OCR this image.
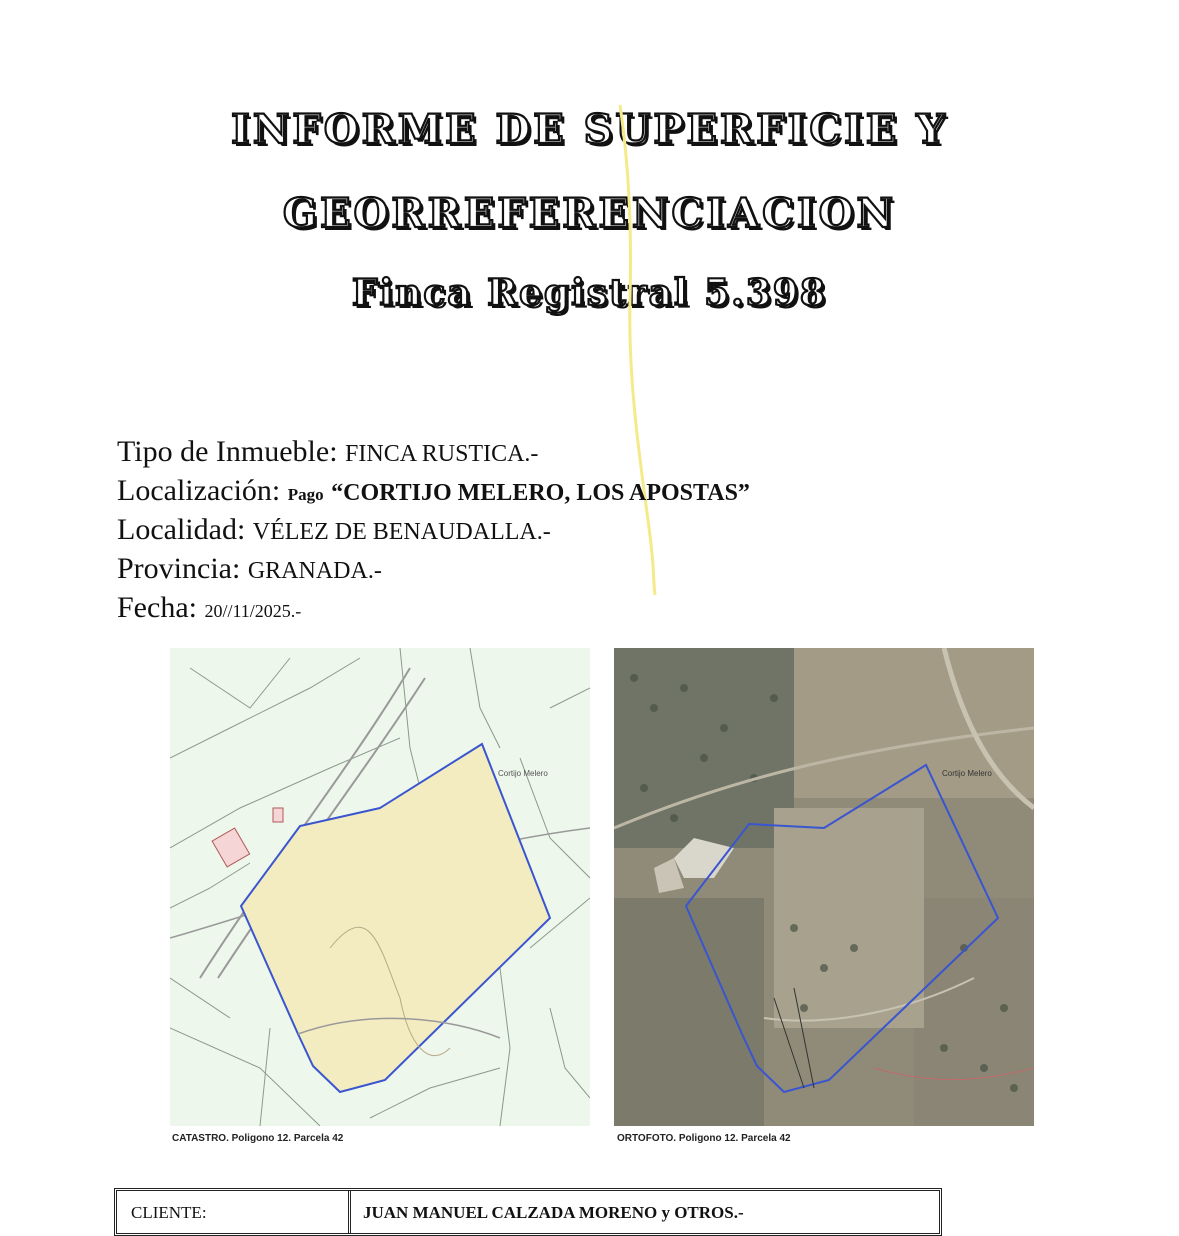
INFORME DE SUPERFICIE Y
GEORREFERENCIACION
Finca Registral 5.398
Tipo de Inmueble: FINCA RUSTICA.-
Localización: Pago “CORTIJO MELERO, LOS APOSTAS”
Localidad: VÉLEZ DE BENAUDALLA.-
Provincia: GRANADA.-
Fecha: 20//11/2025.-
Cortijo Melero	Cortijo Melero
CATASTRO. Poligono 12. Parcela 42	ORTOFOTO. Poligono 12. Parcela 42
CLIENTE:	JUAN MANUEL CALZADA MORENO y OTROS.-
